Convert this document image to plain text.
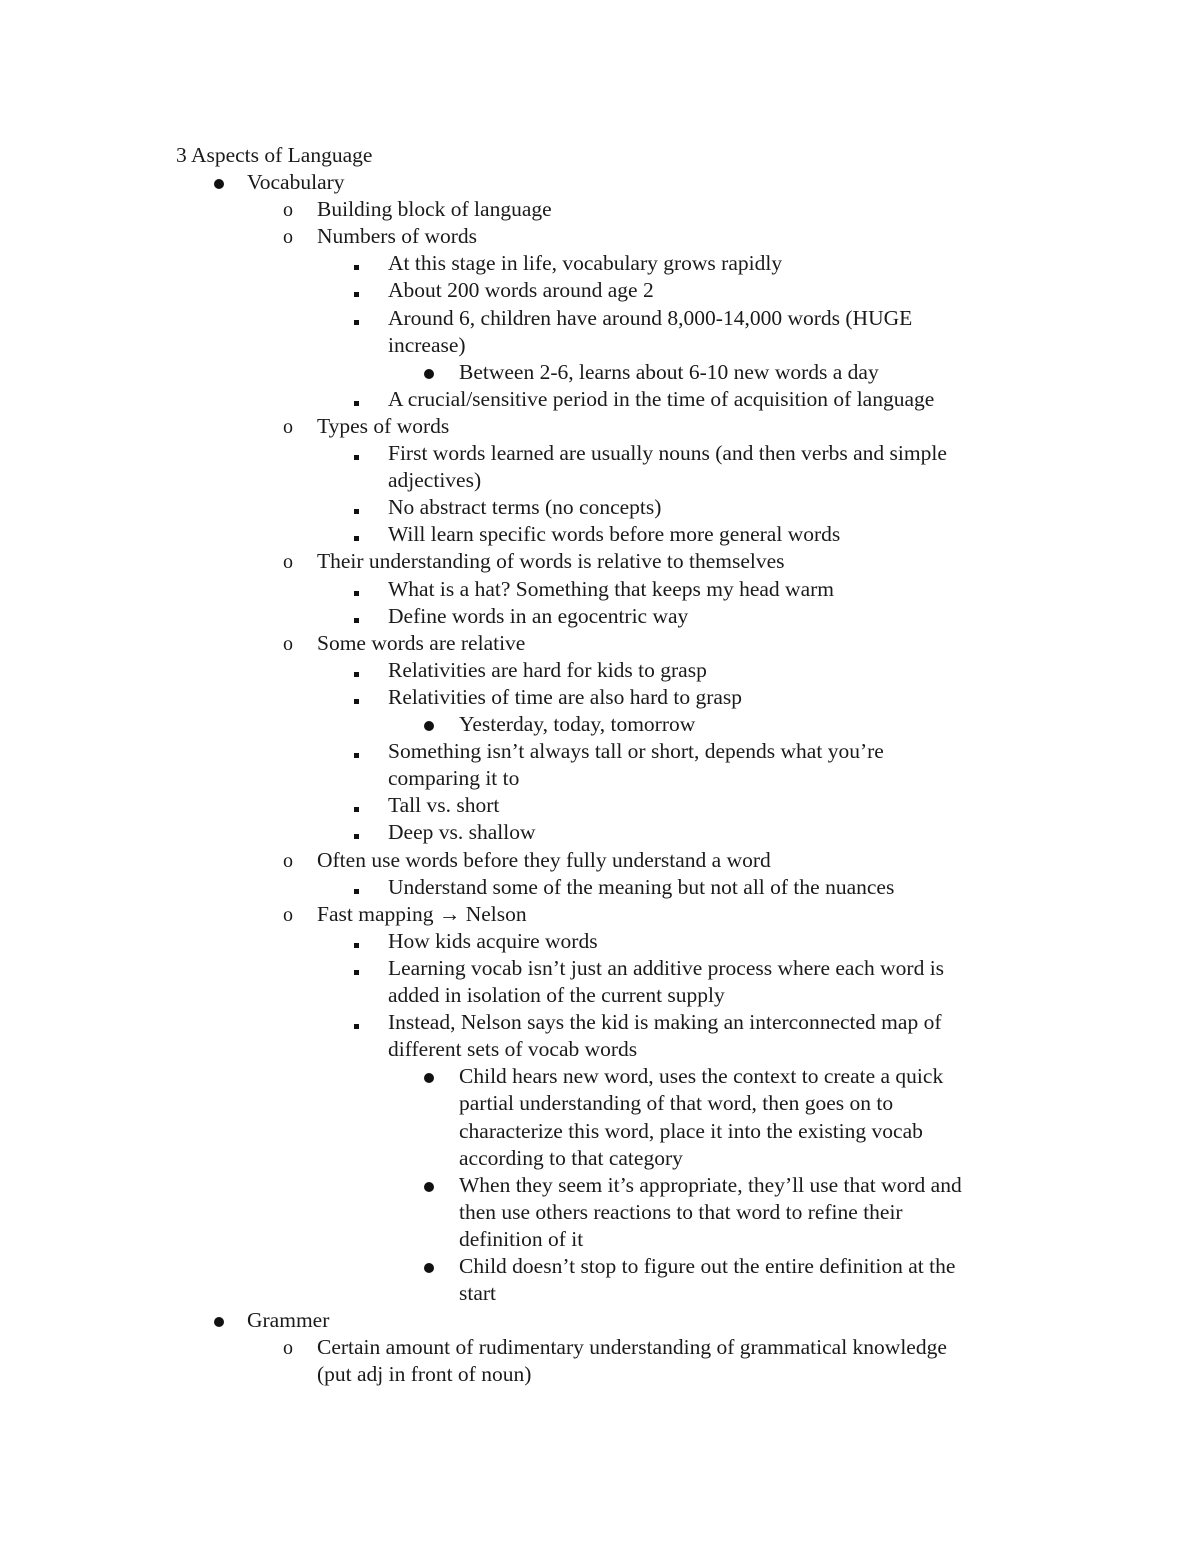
3 Aspects of Language
Vocabulary
o Building block of language
o Numbers of words
At this stage in life, vocabulary grows rapidly
About 200 words around age 2
Around 6, children have around 8,000-14,000 words (HUGE
increase)
Between 2-6, learns about 6-10 new words a day
A crucial/sensitive period in the time of acquisition of language
o Types of words
First words learned are usually nouns (and then verbs and simple
adjectives)
No abstract terms (no concepts)
Will learn specific words before more general words
o Their understanding of words is relative to themselves
What is a hat? Something that keeps my head warm
Define words in an egocentric way
o Some words are relative
Relativities are hard for kids to grasp
Relativities of time are also hard to grasp
Yesterday, today, tomorrow
Something isn’t always tall or short, depends what you’re
comparing it to
Tall vs. short
Deep vs. shallow
o Often use words before they fully understand a word
Understand some of the meaning but not all of the nuances
o Fast mapping → Nelson
How kids acquire words
Learning vocab isn’t just an additive process where each word is
added in isolation of the current supply
Instead, Nelson says the kid is making an interconnected map of
different sets of vocab words
Child hears new word, uses the context to create a quick
partial understanding of that word, then goes on to
characterize this word, place it into the existing vocab
according to that category
When they seem it’s appropriate, they’ll use that word and
then use others reactions to that word to refine their
definition of it
Child doesn’t stop to figure out the entire definition at the
start
Grammer
o Certain amount of rudimentary understanding of grammatical knowledge
(put adj in front of noun)
